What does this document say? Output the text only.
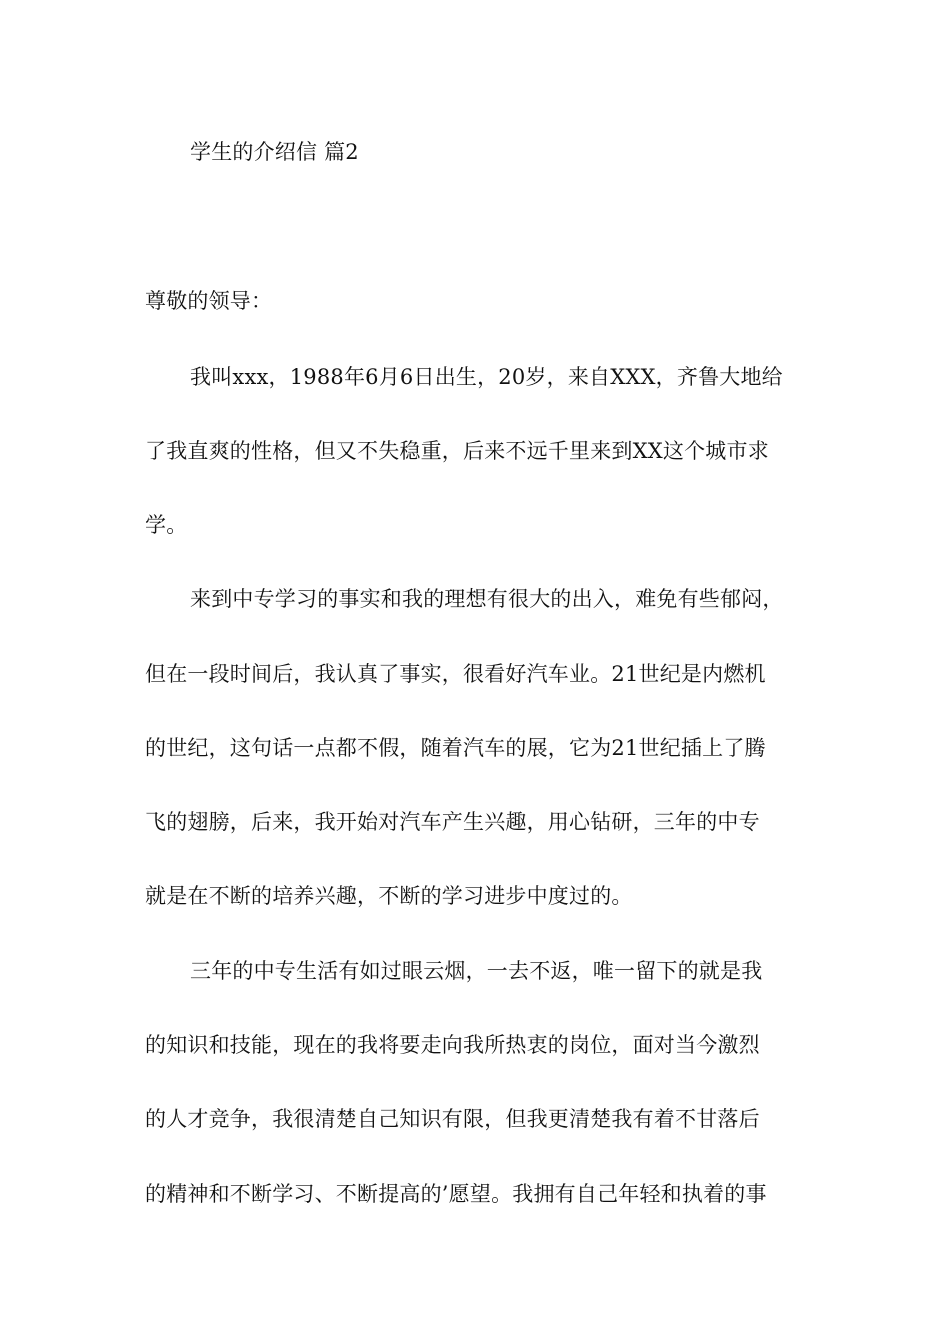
学生的介绍信 篇2
尊敬的领导：
我叫xxx，1988年6月6日出生，20岁，来自XXX，齐鲁大地给
了我直爽的性格，但又不失稳重，后来不远千里来到XX这个城市求
学。
来到中专学习的事实和我的理想有很大的出入，难免有些郁闷，
但在一段时间后，我认真了事实，很看好汽车业。21世纪是内燃机
的世纪，这句话一点都不假，随着汽车的展，它为21世纪插上了腾
飞的翅膀，后来，我开始对汽车产生兴趣，用心钻研，三年的中专
就是在不断的培养兴趣，不断的学习进步中度过的。
三年的中专生活有如过眼云烟，一去不返，唯一留下的就是我
的知识和技能，现在的我将要走向我所热衷的岗位，面对当今激烈
的人才竞争，我很清楚自己知识有限，但我更清楚我有着不甘落后
的精神和不断学习、不断提高的’愿望。我拥有自己年轻和执着的事
